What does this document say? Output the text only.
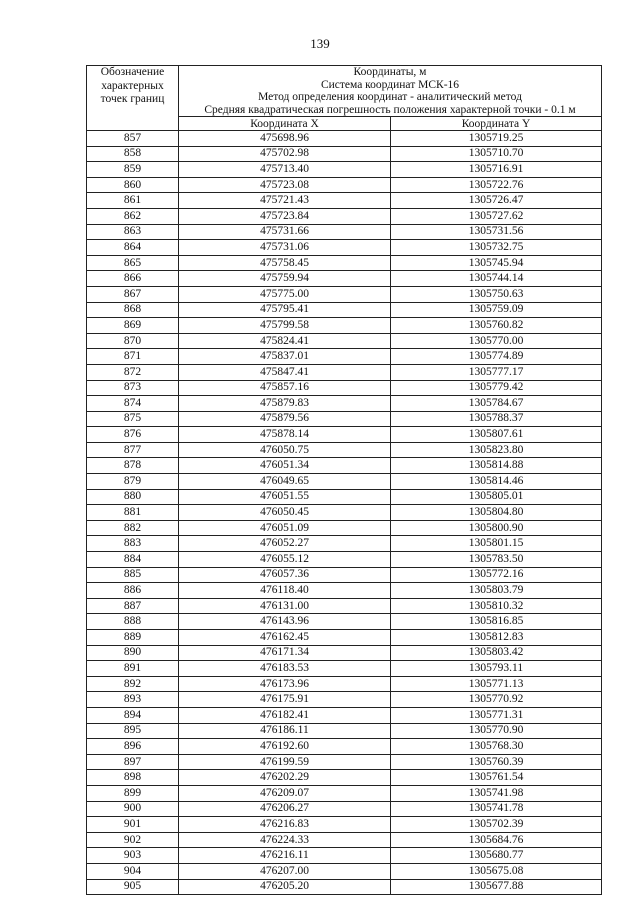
139
Обозначение характерных точек границ	Координаты, м
Система координат МСК-16
Метод определения координат - аналитический метод
Средняя квадратическая погрешность положения характерной точки - 0.1 м	

	Координата X	Координата Y
857	475698.96	1305719.25
858	475702.98	1305710.70
859	475713.40	1305716.91
860	475723.08	1305722.76
861	475721.43	1305726.47
862	475723.84	1305727.62
863	475731.66	1305731.56
864	475731.06	1305732.75
865	475758.45	1305745.94
866	475759.94	1305744.14
867	475775.00	1305750.63
868	475795.41	1305759.09
869	475799.58	1305760.82
870	475824.41	1305770.00
871	475837.01	1305774.89
872	475847.41	1305777.17
873	475857.16	1305779.42
874	475879.83	1305784.67
875	475879.56	1305788.37
876	475878.14	1305807.61
877	476050.75	1305823.80
878	476051.34	1305814.88
879	476049.65	1305814.46
880	476051.55	1305805.01
881	476050.45	1305804.80
882	476051.09	1305800.90
883	476052.27	1305801.15
884	476055.12	1305783.50
885	476057.36	1305772.16
886	476118.40	1305803.79
887	476131.00	1305810.32
888	476143.96	1305816.85
889	476162.45	1305812.83
890	476171.34	1305803.42
891	476183.53	1305793.11
892	476173.96	1305771.13
893	476175.91	1305770.92
894	476182.41	1305771.31
895	476186.11	1305770.90
896	476192.60	1305768.30
897	476199.59	1305760.39
898	476202.29	1305761.54
899	476209.07	1305741.98
900	476206.27	1305741.78
901	476216.83	1305702.39
902	476224.33	1305684.76
903	476216.11	1305680.77
904	476207.00	1305675.08
905	476205.20	1305677.88
